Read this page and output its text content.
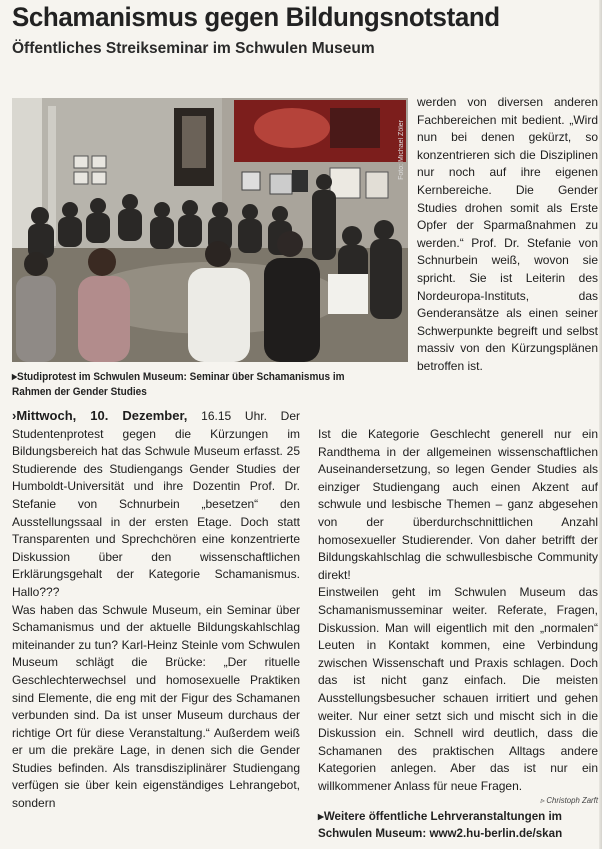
Schamanismus gegen Bildungsnotstand
Öffentliches Streikseminar im Schwulen Museum
Foto: Michael Zöler

▸Studiprotest im Schwulen Museum: Seminar über Schamanismus im Rahmen der Gender Studies

werden von diversen anderen Fachbereichen mit bedient. „Wird nun bei denen gekürzt, so konzentrieren sich die Disziplinen nur noch auf ihre eigenen Kernbereiche. Die Gender Studies drohen somit als Erste Opfer der Sparmaßnahmen zu werden.“ Prof. Dr. Stefanie von Schnurbein weiß, wovon sie spricht. Sie ist Leiterin des Nordeuropa-Instituts, das Genderansätze als einen seiner Schwerpunkte begreift und selbst massiv von den Kürzungsplänen betroffen ist.

›Mittwoch, 10. Dezember, 16.15 Uhr. Der Studentenprotest gegen die Kürzungen im Bildungsbereich hat das Schwule Museum erfasst. 25 Studierende des Studiengangs Gender Studies der Humboldt-Universität und ihre Dozentin Prof. Dr. Stefanie von Schnurbein „besetzen“ den Ausstellungssaal in der ersten Etage. Doch statt Transparenten und Sprechchören eine konzentrierte Diskussion über den wissenschaftlichen Erklärungsgehalt der Kategorie Schamanismus. Hallo???

Was haben das Schwule Museum, ein Seminar über Schamanismus und der aktuelle Bildungskahlschlag miteinander zu tun? Karl-Heinz Steinle vom Schwulen Museum schlägt die Brücke: „Der rituelle Geschlechterwechsel und homosexuelle Praktiken sind Elemente, die eng mit der Figur des Schamanen verbunden sind. Da ist unser Museum durchaus der richtige Ort für diese Veranstaltung.“ Außerdem weiß er um die prekäre Lage, in denen sich die Gender Studies befinden. Als transdisziplinärer Studiengang verfügen sie über kein eigenständiges Lehrangebot, sondern

Ist die Kategorie Geschlecht generell nur ein Randthema in der allgemeinen wissenschaftlichen Auseinandersetzung, so legen Gender Studies als einziger Studiengang auch einen Akzent auf schwule und lesbische Themen – ganz abgesehen von der überdurchschnittlichen Anzahl homosexueller Studierender. Von daher betrifft der Bildungskahlschlag die schwullesbische Community direkt!

Einstweilen geht im Schwulen Museum das Schamanismusseminar weiter. Referate, Fragen, Diskussion. Man will eigentlich mit den „normalen“ Leuten in Kontakt kommen, eine Verbindung zwischen Wissenschaft und Praxis schlagen. Doch das ist nicht ganz einfach. Die meisten Ausstellungsbesucher schauen irritiert und gehen weiter. Nur einer setzt sich und mischt sich in die Diskussion ein. Schnell wird deutlich, dass die Schamanen des praktischen Alltags andere Kategorien anlegen. Aber das ist nur ein willkommener Anlass für neue Fragen.

▹ Christoph Zarft

▸Weitere öffentliche Lehrveranstaltungen im Schwulen Museum: www2.hu-berlin.de/skan
